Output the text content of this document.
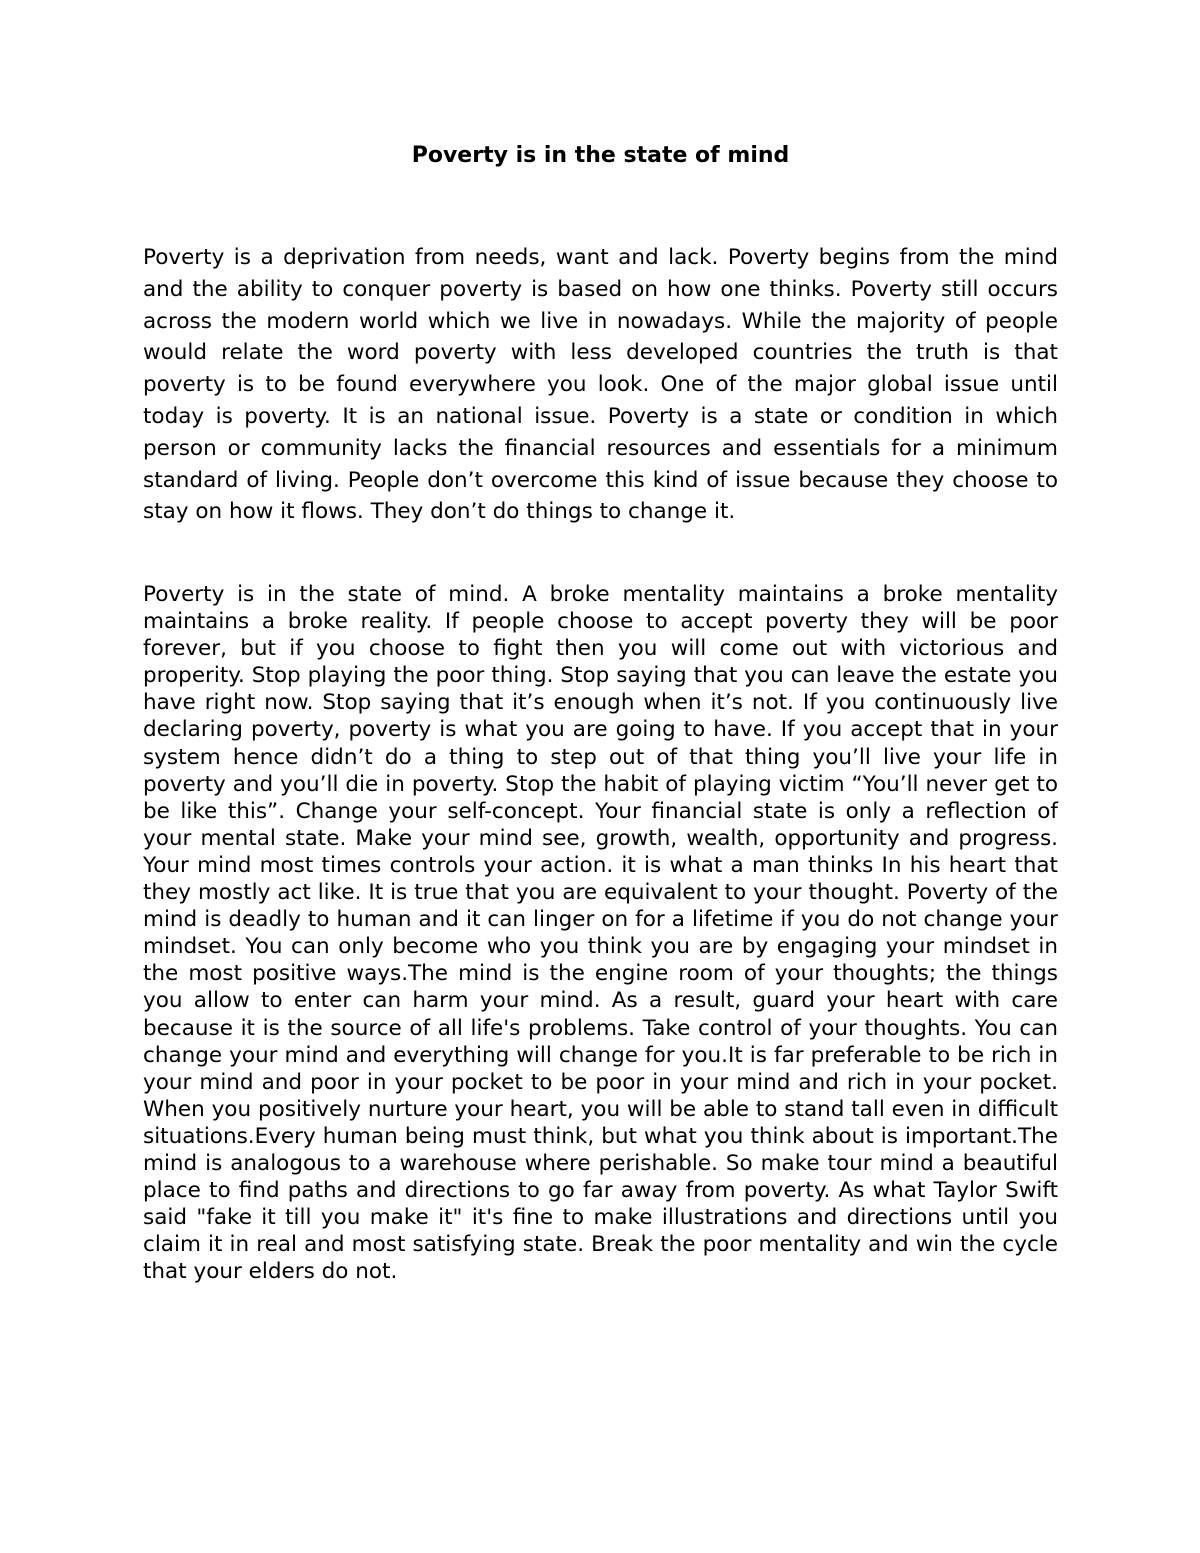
Poverty is in the state of mind

Poverty is a deprivation from needs, want and lack. Poverty begins from the mind and the ability to conquer poverty is based on how one thinks. Poverty still occurs across the modern world which we live in nowadays. While the majority of people would relate the word poverty with less developed countries the truth is that poverty is to be found everywhere you look. One of the major global issue until today is poverty. It is an national issue. Poverty is a state or condition in which person or community lacks the financial resources and essentials for a minimum standard of living. People don’t overcome this kind of issue because they choose to stay on how it flows. They don’t do things to change it.

Poverty is in the state of mind. A broke mentality maintains a broke mentality maintains a broke reality. If people choose to accept poverty they will be poor forever, but if you choose to fight then you will come out with victorious and properity. Stop playing the poor thing. Stop saying that you can leave the estate you have right now. Stop saying that it’s enough when it’s not. If you continuously live declaring poverty, poverty is what you are going to have. If you accept that in your system hence didn’t do a thing to step out of that thing you’ll live your life in poverty and you’ll die in poverty. Stop the habit of playing victim “You’ll never get to be like this”. Change your self-concept. Your financial state is only a reflection of your mental state. Make your mind see, growth, wealth, opportunity and progress. Your mind most times controls your action. it is what a man thinks In his heart that they mostly act like. It is true that you are equivalent to your thought. Poverty of the mind is deadly to human and it can linger on for a lifetime if you do not change your mindset. You can only become who you think you are by engaging your mindset in the most positive ways.The mind is the engine room of your thoughts; the things you allow to enter can harm your mind. As a result, guard your heart with care because it is the source of all life's problems. Take control of your thoughts. You can change your mind and everything will change for you.It is far preferable to be rich in your mind and poor in your pocket to be poor in your mind and rich in your pocket. When you positively nurture your heart, you will be able to stand tall even in difficult situations.Every human being must think, but what you think about is important.The mind is analogous to a warehouse where perishable. So make tour mind a beautiful place to find paths and directions to go far away from poverty. As what Taylor Swift said "fake it till you make it" it's fine to make illustrations and directions until you claim it in real and most satisfying state. Break the poor mentality and win the cycle that your elders do not.
